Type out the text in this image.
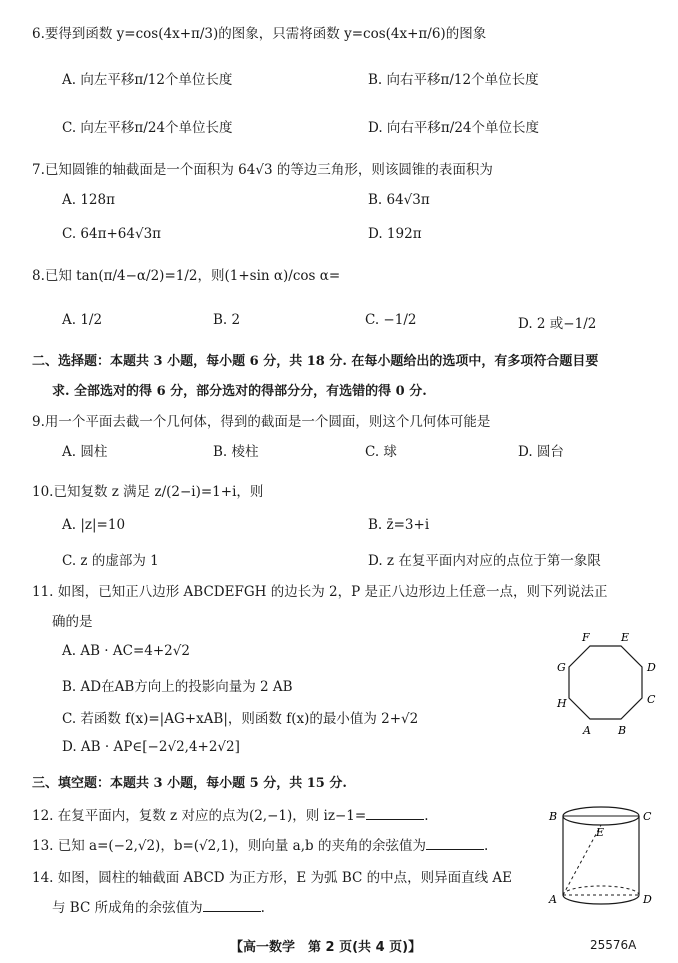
6.要得到函数 y=cos(4x+π/3)的图象，只需将函数 y=cos(4x+π/6)的图象
A. 向左平移π/12个单位长度	B. 向右平移π/12个单位长度
C. 向左平移π/24个单位长度	D. 向右平移π/24个单位长度
7.已知圆锥的轴截面是一个面积为 64√3 的等边三角形，则该圆锥的表面积为
A. 128π	B. 64√3π
C. 64π+64√3π	D. 192π
8.已知 tan(π/4−α/2)=1/2，则(1+sin α)/cos α=
A. 1/2	B. 2	C. −1/2	D. 2 或−1/2
二、选择题：本题共 3 小题，每小题 6 分，共 18 分. 在每小题给出的选项中，有多项符合题目要
求. 全部选对的得 6 分，部分选对的得部分分，有选错的得 0 分.
9.用一个平面去截一个几何体，得到的截面是一个圆面，则这个几何体可能是
A. 圆柱	B. 棱柱	C. 球	D. 圆台
10.已知复数 z 满足 z/(2−i)=1+i，则
A. |z|=10	B. z̄=3+i
C. z 的虚部为 1	D. z 在复平面内对应的点位于第一象限
11. 如图，已知正八边形 ABCDEFGH 的边长为 2，P 是正八边形边上任意一点，则下列说法正
确的是
A. AB · AC=4+2√2
B. AD在AB方向上的投影向量为 2 AB
C. 若函数 f(x)=|AG+xAB|，则函数 f(x)的最小值为 2+√2
D. AB · AP∈[−2√2,4+2√2]
A B
C
D
E
F
G
H
三、填空题：本题共 3 小题，每小题 5 分，共 15 分.
12. 在复平面内，复数 z 对应的点为(2,−1)，则 iz−1=	.
13. 已知 a=(−2,√2)，b=(√2,1)，则向量 a,b 的夹角的余弦值为	.
14. 如图，圆柱的轴截面 ABCD 为正方形，E 为弧 BC 的中点，则异面直线 AE
与 BC 所成角的余弦值为	.
A
B	C
D
E
【高一数学　第 2 页(共 4 页)】	25576A
